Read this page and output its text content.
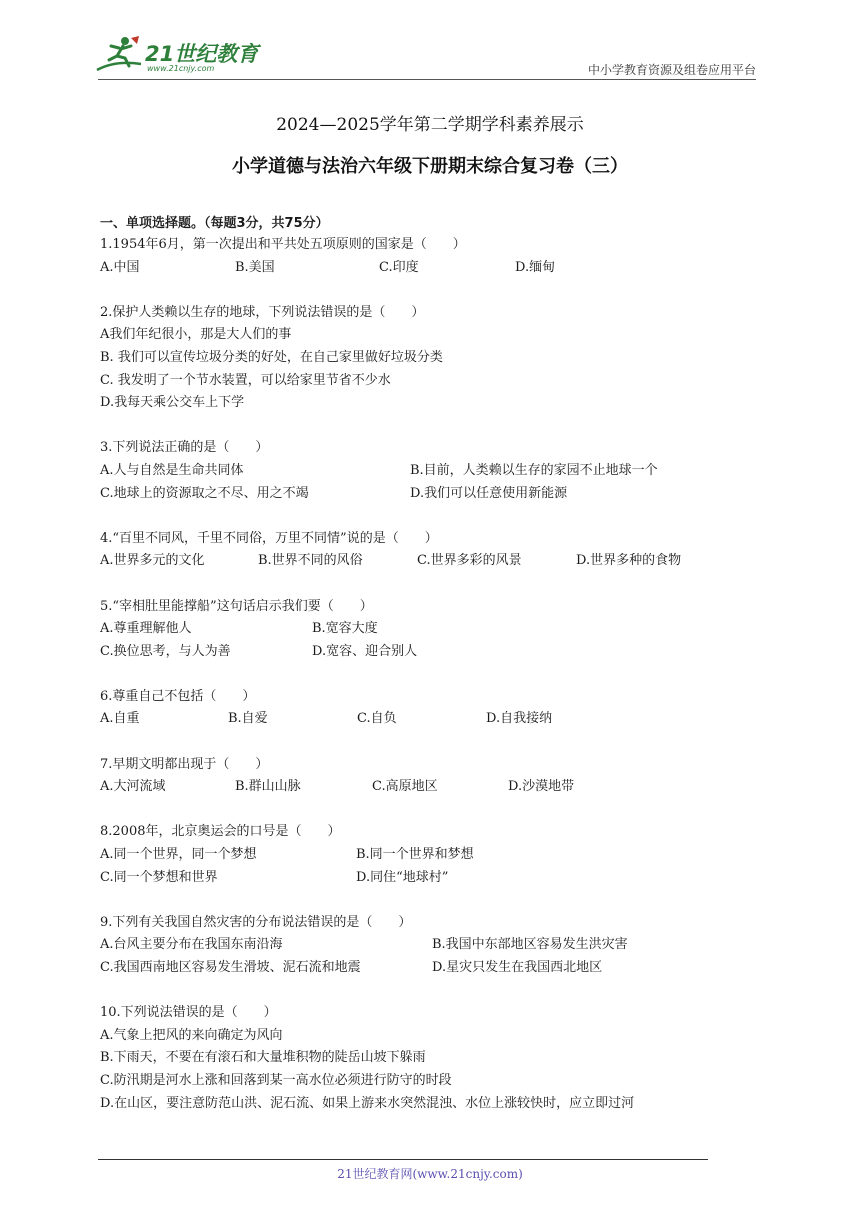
21世纪教育
www.21cnjy.com	中小学教育资源及组卷应用平台
2024—2025学年第二学期学科素养展示
小学道德与法治六年级下册期末综合复习卷（三）
一、单项选择题。（每题3分，共75分）
1.1954年6月，第一次提出和平共处五项原则的国家是（　　）
A.中国	B.美国	C.印度	D.缅甸
2.保护人类赖以生存的地球，下列说法错误的是（　　）
A我们年纪很小，那是大人们的事
B. 我们可以宣传垃圾分类的好处，在自己家里做好垃圾分类
C. 我发明了一个节水装置，可以给家里节省不少水
D.我每天乘公交车上下学
3.下列说法正确的是（　　）
A.人与自然是生命共同体	B.目前，人类赖以生存的家园不止地球一个
C.地球上的资源取之不尽、用之不竭	D.我们可以任意使用新能源
4.“百里不同风，千里不同俗，万里不同情”说的是（　　）
A.世界多元的文化	B.世界不同的风俗	C.世界多彩的风景	D.世界多种的食物
5.“宰相肚里能撑船”这句话启示我们要（　　）
A.尊重理解他人	B.宽容大度
C.换位思考，与人为善	D.宽容、迎合别人
6.尊重自己不包括（　　）
A.自重	B.自爱	C.自负	D.自我接纳
7.早期文明都出现于（　　）
A.大河流域	B.群山山脉	C.高原地区	D.沙漠地带
8.2008年，北京奥运会的口号是（　　）
A.同一个世界，同一个梦想	B.同一个世界和梦想
C.同一个梦想和世界	D.同住“地球村”
9.下列有关我国自然灾害的分布说法错误的是（　　）
A.台风主要分布在我国东南沿海	B.我国中东部地区容易发生洪灾害
C.我国西南地区容易发生滑坡、泥石流和地震	D.星灾只发生在我国西北地区
10.下列说法错误的是（　　）
A.气象上把风的来向确定为风向
B.下雨天，不要在有滚石和大量堆积物的陡岳山坡下躲雨
C.防汛期是河水上涨和回落到某一高水位必须进行防守的时段
D.在山区，要注意防范山洪、泥石流、如果上游来水突然混浊、水位上涨较快时，应立即过河
21世纪教育网(www.21cnjy.com)
